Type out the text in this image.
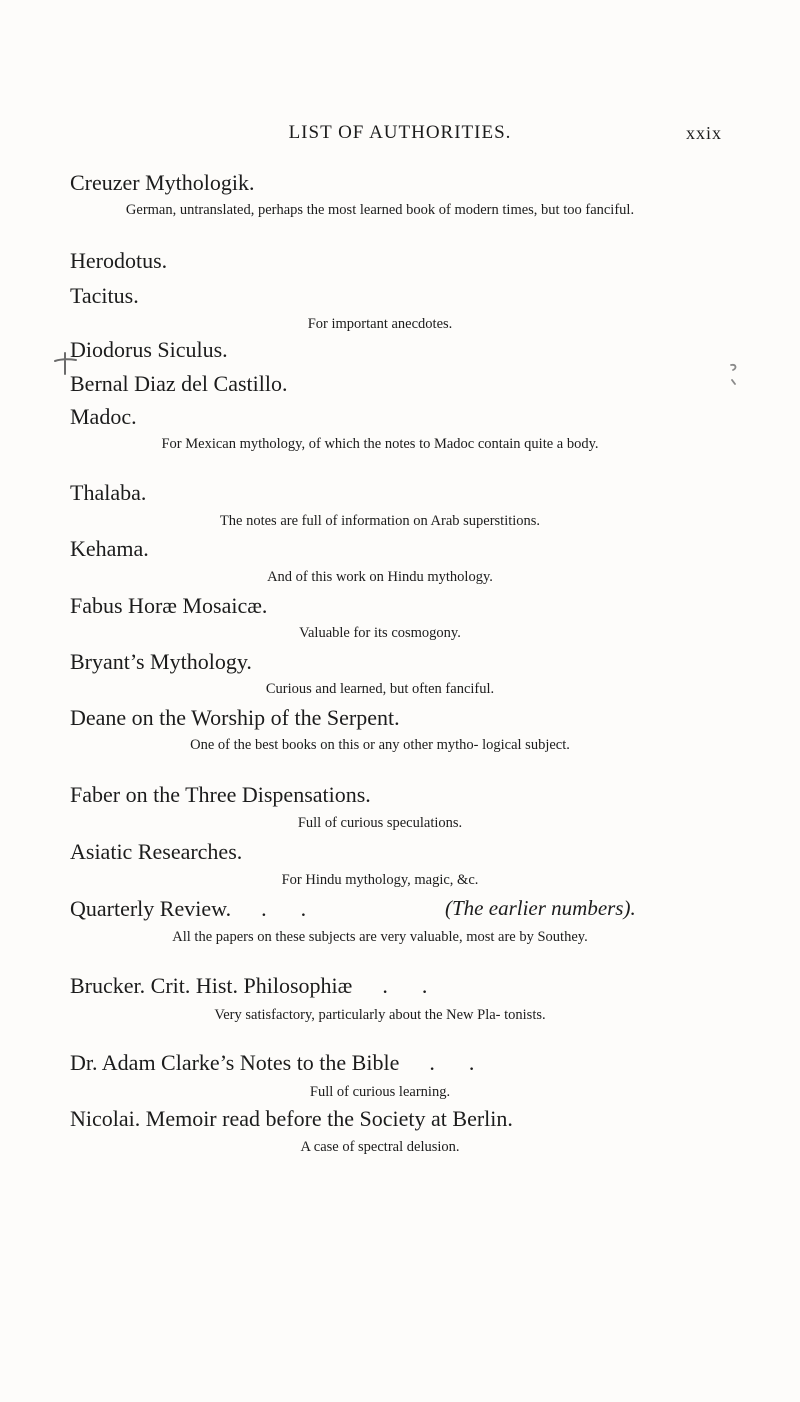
LIST OF AUTHORITIES.	xxix
Creuzer Mythologik.
German, untranslated, perhaps the most learned book of modern times, but too fanciful.
Herodotus.
Tacitus.
For important anecdotes.
Diodorus Siculus.
Bernal Diaz del Castillo.
Madoc.
For Mexican mythology, of which the notes to Madoc contain quite a body.
Thalaba.
The notes are full of information on Arab superstitions.
Kehama.
And of this work on Hindu mythology.
Fabus Horæ Mosaicæ.
Valuable for its cosmogony.
Bryant’s Mythology.
Curious and learned, but often fanciful.
Deane on the Worship of the Serpent.
One of the best books on this or any other mytho- logical subject.
Faber on the Three Dispensations.
Full of curious speculations.
Asiatic Researches.
For Hindu mythology, magic, &c.
Quarterly Review. ..	(The earlier numbers).
All the papers on these subjects are very valuable, most are by Southey.
Brucker. Crit. Hist. Philosophiæ ..
Very satisfactory, particularly about the New Pla- tonists.
Dr. Adam Clarke’s Notes to the Bible ..
Full of curious learning.
Nicolai. Memoir read before the Society at Berlin.
A case of spectral delusion.
